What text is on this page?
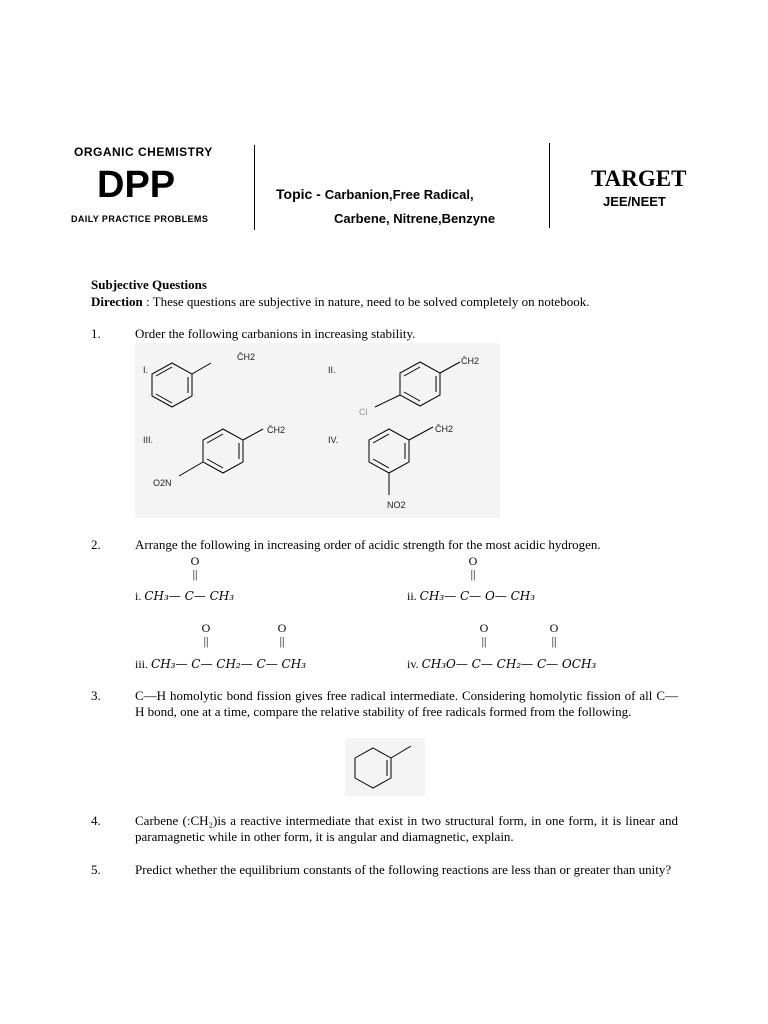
ORGANIC CHEMISTRY
DPP
DAILY PRACTICE PROBLEMS
Topic - Carbanion,Free Radical,
Carbene, Nitrene,Benzyne
TARGET
JEE/NEET
Subjective Questions
Direction : These questions are subjective in nature, need to be solved completely on notebook.
1.	Order the following carbanions in increasing stability.
I.
C̄H2
II.
C̄H2
Cl
III.
C̄H2
O2N
IV.
C̄H2
NO2
2.	Arrange the following in increasing order of acidic strength for the most acidic hydrogen.
O
||
i. CH₃— C— CH₃
O
||
ii. CH₃— C— O— CH₃
O
||
O
||
iii. CH₃— C— CH₂— C— CH₃
O
||
O
||
iv. CH₃O— C— CH₂— C— OCH₃
3.	C—H homolytic bond fission gives free radical intermediate. Considering homolytic fission of all C—H bond, one at a time, compare the relative stability of free radicals formed from the following.
4.	Carbene (:CH₂)is a reactive intermediate that exist in two structural form, in one form, it is linear and paramagnetic while in other form, it is angular and diamagnetic, explain.
5.	Predict whether the equilibrium constants of the following reactions are less than or greater than unity?
